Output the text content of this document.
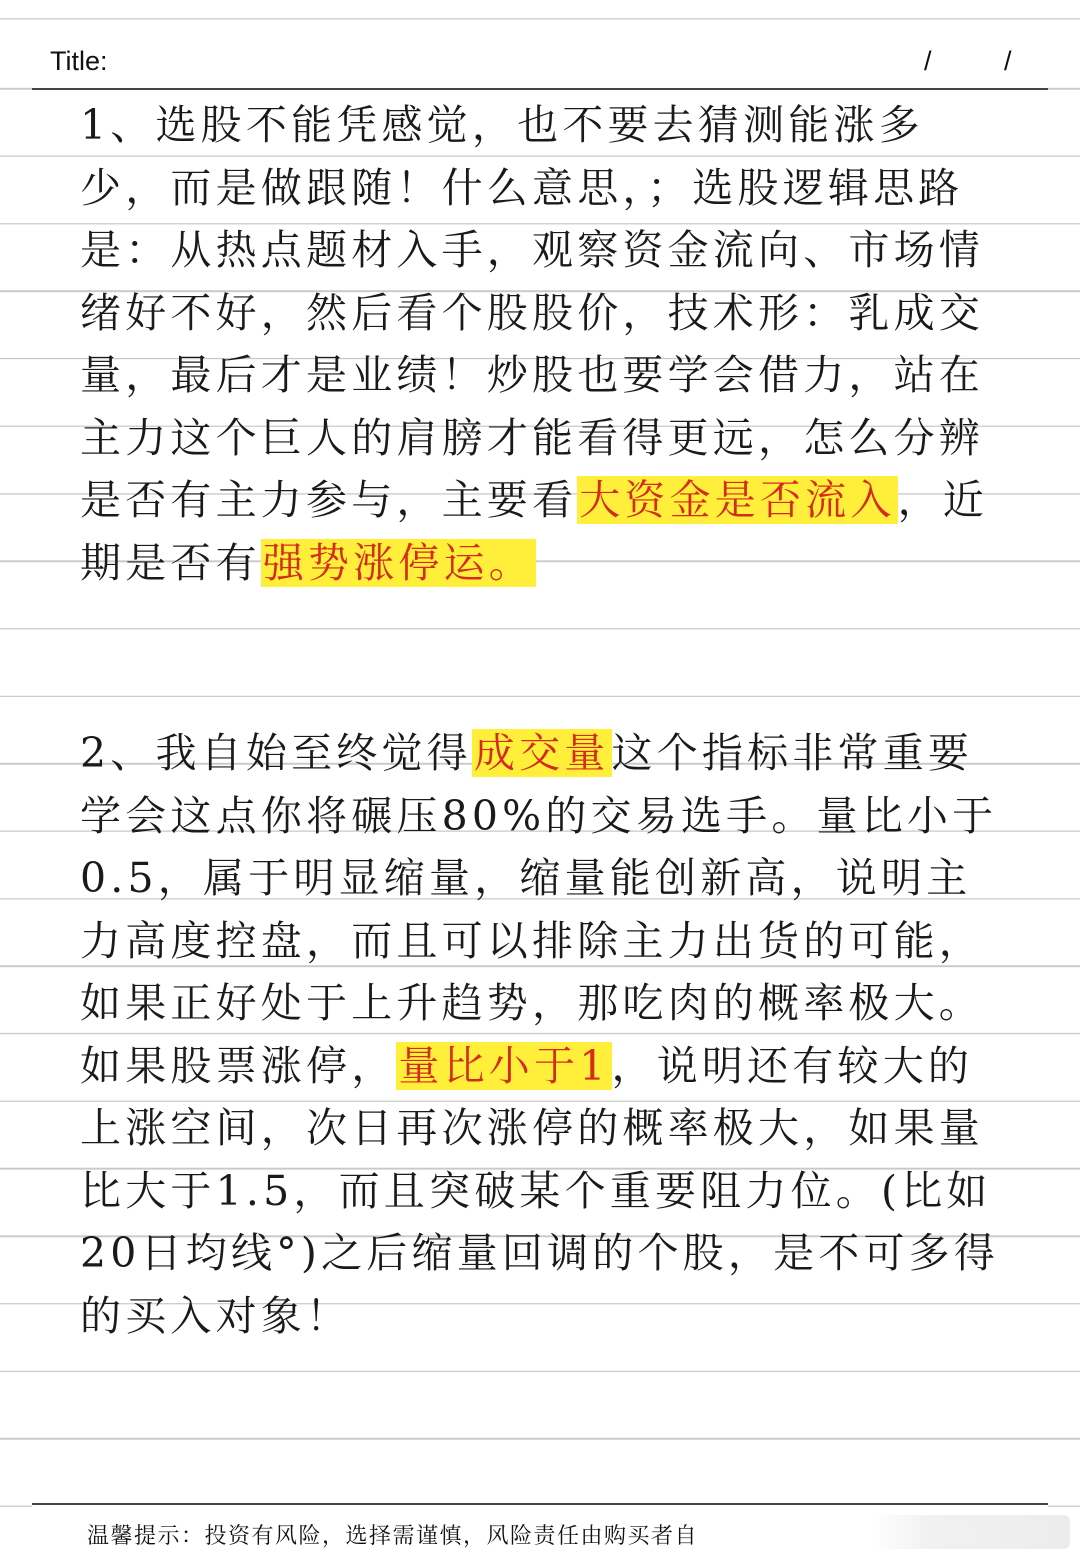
Title:	/	/
1、选股不能凭感觉，也不要去猜测能涨多少，而是做跟随！什么意思，；选股逻辑思路是：从热点题材入手，观察资金流向、市场情绪好不好，然后看个股股价，技术形：乳成交量，最后才是业绩！炒股也要学会借力，站在主力这个巨人的肩膀才能看得更远，怎么分辨是否有主力参与，主要看大资金是否流入，近期是否有强势涨停运。
2、我自始至终觉得成交量这个指标非常重要学会这点你将碾压80%的交易选手。量比小于0.5，属于明显缩量，缩量能创新高，说明主力高度控盘，而且可以排除主力出货的可能，如果正好处于上升趋势，那吃肉的概率极大。如果股票涨停，量比小于1，说明还有较大的上涨空间，次日再次涨停的概率极大，如果量比大于1.5，而且突破某个重要阻力位。(比如20日均线°)之后缩量回调的个股，是不可多得的买入对象！
温馨提示：投资有风险，选择需谨慎，风险责任由购买者自
